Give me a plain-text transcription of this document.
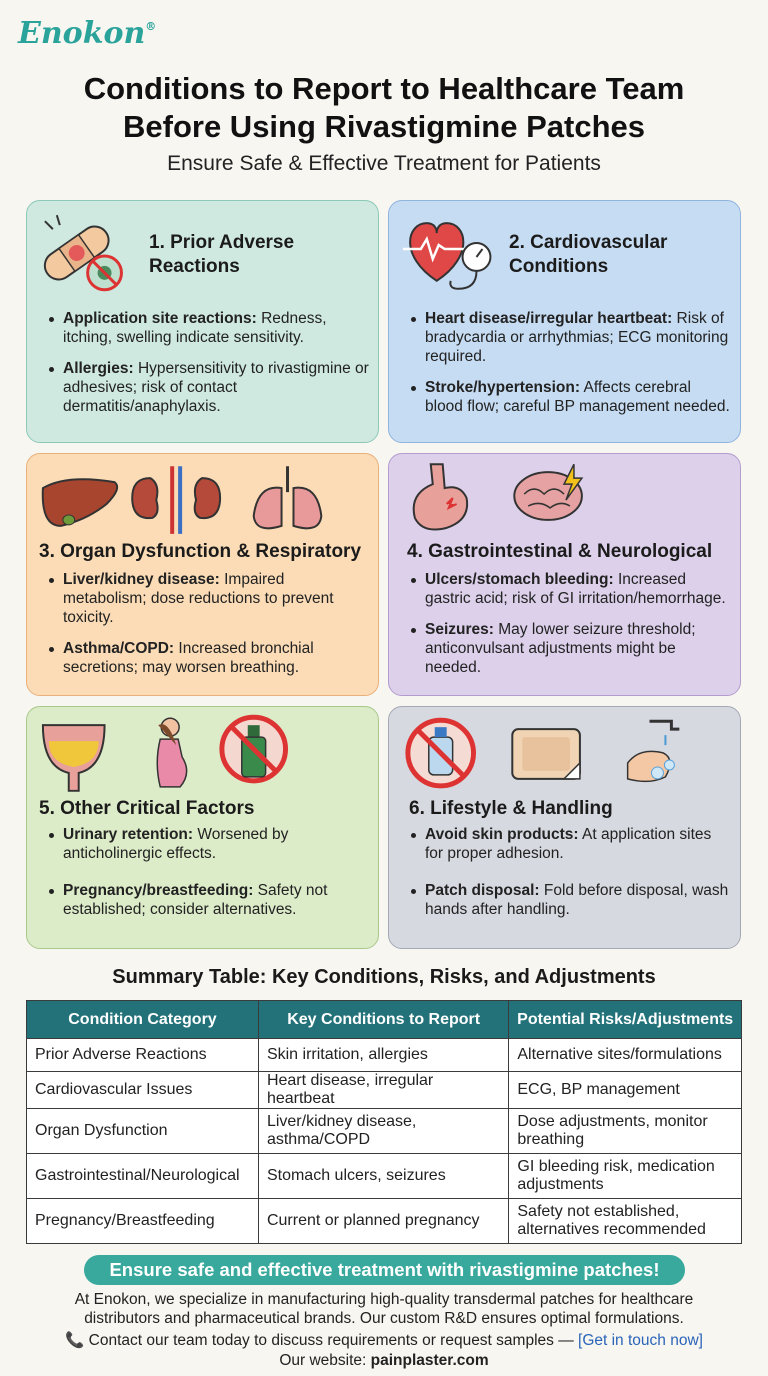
Enokon®
Conditions to Report to Healthcare Team
Before Using Rivastigmine Patches
Ensure Safe & Effective Treatment for Patients
1. Prior Adverse
Reactions
Application site reactions: Redness, itching, swelling indicate sensitivity.
Allergies: Hypersensitivity to rivastigmine or adhesives; risk of contact dermatitis/anaphylaxis.
2. Cardiovascular
Conditions
Heart disease/irregular heartbeat: Risk of bradycardia or arrhythmias; ECG monitoring required.
Stroke/hypertension: Affects cerebral blood flow; careful BP management needed.
3. Organ Dysfunction & Respiratory
Liver/kidney disease: Impaired metabolism; dose reductions to prevent toxicity.
Asthma/COPD: Increased bronchial secretions; may worsen breathing.
4. Gastrointestinal & Neurological
Ulcers/stomach bleeding: Increased gastric acid; risk of GI irritation/hemorrhage.
Seizures: May lower seizure threshold; anticonvulsant adjustments might be needed.
5. Other Critical Factors
Urinary retention: Worsened by anticholinergic effects.
Pregnancy/breastfeeding: Safety not established; consider alternatives.
6. Lifestyle & Handling
Avoid skin products: At application sites for proper adhesion.
Patch disposal: Fold before disposal, wash hands after handling.
Summary Table: Key Conditions, Risks, and Adjustments
Condition Category	Key Conditions to Report	Potential Risks/Adjustments
Prior Adverse Reactions	Skin irritation, allergies	Alternative sites/formulations
Cardiovascular Issues	Heart disease, irregular heartbeat	ECG, BP management
Organ Dysfunction	Liver/kidney disease, asthma/COPD	Dose adjustments, monitor breathing
Gastrointestinal/Neurological	Stomach ulcers, seizures	GI bleeding risk, medication adjustments
Pregnancy/Breastfeeding	Current or planned pregnancy	Safety not established, alternatives recommended
Ensure safe and effective treatment with rivastigmine patches!
At Enokon, we specialize in manufacturing high-quality transdermal patches for healthcare
distributors and pharmaceutical brands. Our custom R&D ensures optimal formulations.
📞 Contact our team today to discuss requirements or request samples — [Get in touch now]
Our website: painplaster.com
